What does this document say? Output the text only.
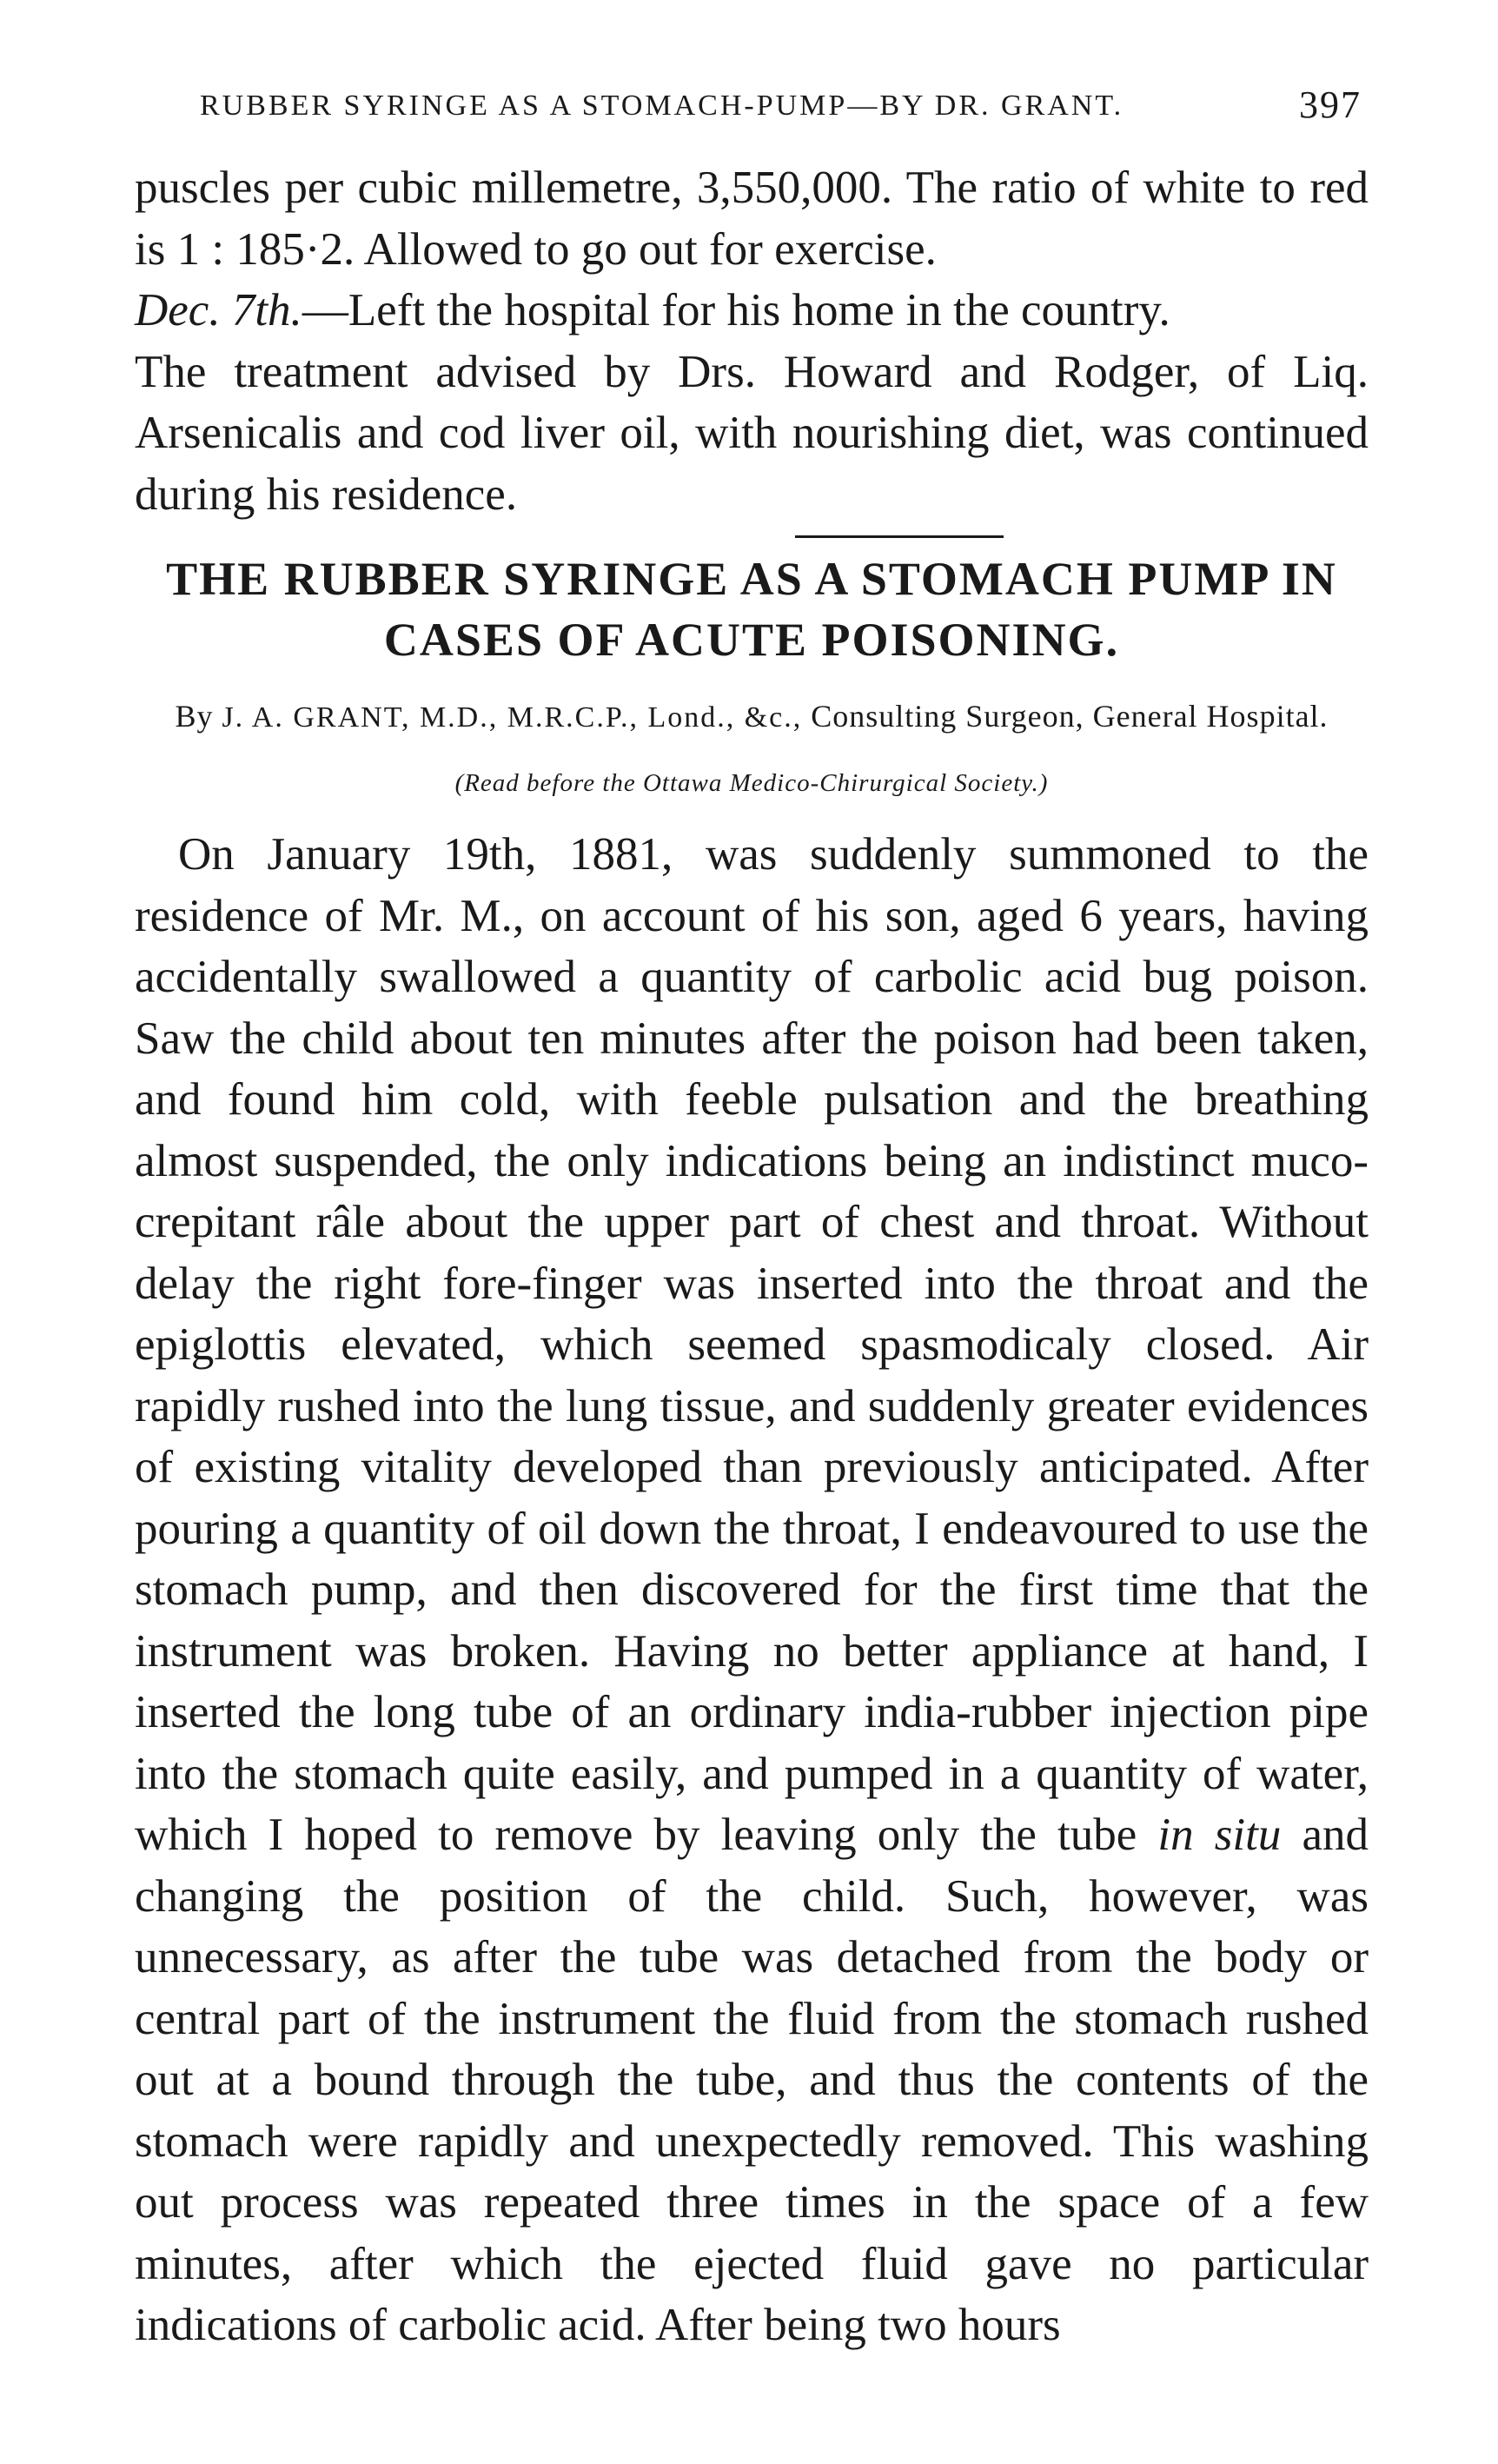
RUBBER SYRINGE AS A STOMACH-PUMP—BY DR. GRANT.	397

puscles per cubic millemetre, 3,550,000. The ratio of white to red is 1 : 185·2. Allowed to go out for exercise.

Dec. 7th.—Left the hospital for his home in the country.

The treatment advised by Drs. Howard and Rodger, of Liq. Arsenicalis and cod liver oil, with nourishing diet, was continued during his residence.

THE RUBBER SYRINGE AS A STOMACH PUMP IN CASES OF ACUTE POISONING.
By J. A. GRANT, M.D., M.R.C.P., Lond., &c., Consulting Surgeon, General Hospital.
(Read before the Ottawa Medico-Chirurgical Society.)

On January 19th, 1881, was suddenly summoned to the residence of Mr. M., on account of his son, aged 6 years, having accidentally swallowed a quantity of carbolic acid bug poison. Saw the child about ten minutes after the poison had been taken, and found him cold, with feeble pulsation and the breathing almost suspended, the only indications being an indistinct muco-crepitant râle about the upper part of chest and throat. Without delay the right fore-finger was inserted into the throat and the epiglottis elevated, which seemed spasmodicaly closed. Air rapidly rushed into the lung tissue, and suddenly greater evidences of existing vitality developed than previously anticipated. After pouring a quantity of oil down the throat, I endeavoured to use the stomach pump, and then discovered for the first time that the instrument was broken. Having no better appliance at hand, I inserted the long tube of an ordinary india-rubber injection pipe into the stomach quite easily, and pumped in a quantity of water, which I hoped to remove by leaving only the tube in situ and changing the position of the child. Such, however, was unnecessary, as after the tube was detached from the body or central part of the instrument the fluid from the stomach rushed out at a bound through the tube, and thus the contents of the stomach were rapidly and unexpectedly removed. This washing out process was repeated three times in the space of a few minutes, after which the ejected fluid gave no particular indications of carbolic acid. After being two hours
